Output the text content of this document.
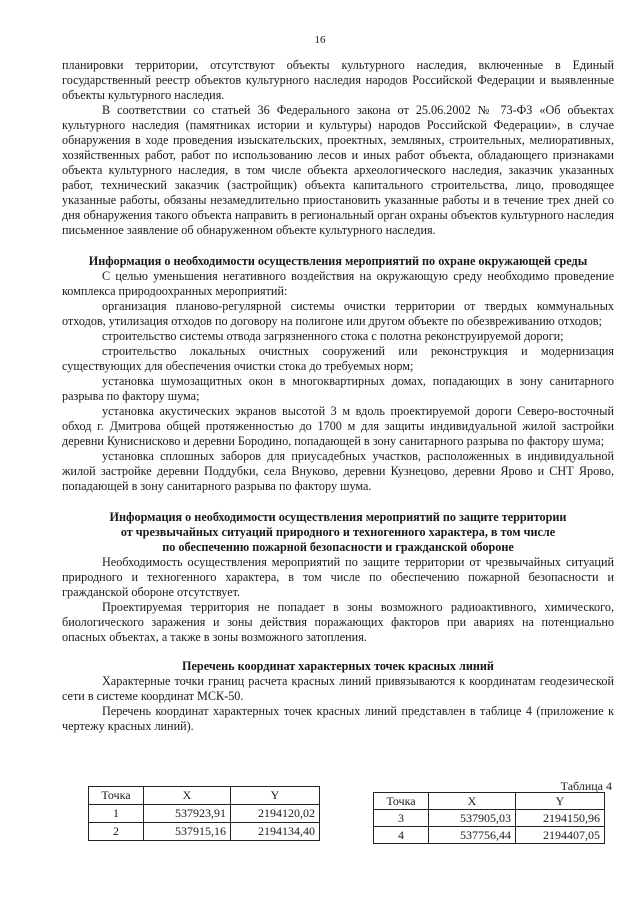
16

планировки территории, отсутствуют объекты культурного наследия, включенные в Единый государственный реестр объектов культурного наследия народов Российской Федерации и выявленные объекты культурного наследия.

В соответствии со статьей 36 Федерального закона от 25.06.2002 № 73-ФЗ «Об объектах культурного наследия (памятниках истории и культуры) народов Российской Федерации», в случае обнаружения в ходе проведения изыскательских, проектных, земляных, строительных, мелиоративных, хозяйственных работ, работ по использованию лесов и иных работ объекта, обладающего признаками объекта культурного наследия, в том числе объекта археологического наследия, заказчик указанных работ, технический заказчик (застройщик) объекта капитального строительства, лицо, проводящее указанные работы, обязаны незамедлительно приостановить указанные работы и в течение трех дней со дня обнаружения такого объекта направить в региональный орган охраны объектов культурного наследия письменное заявление об обнаруженном объекте культурного наследия.

Информация о необходимости осуществления мероприятий по охране окружающей среды

С целью уменьшения негативного воздействия на окружающую среду необходимо проведение комплекса природоохранных мероприятий:

организация планово-регулярной системы очистки территории от твердых коммунальных отходов, утилизация отходов по договору на полигоне или другом объекте по обезвреживанию отходов;

строительство системы отвода загрязненного стока с полотна реконструируемой дороги;

строительство локальных очистных сооружений или реконструкция и модернизация существующих для обеспечения очистки стока до требуемых норм;

установка шумозащитных окон в многоквартирных домах, попадающих в зону санитарного разрыва по фактору шума;

установка акустических экранов высотой 3 м вдоль проектируемой дороги Северо-восточный обход г. Дмитрова общей протяженностью до 1700 м для защиты индивидуальной жилой застройки деревни Куниснисково и деревни Бородино, попадающей в зону санитарного разрыва по фактору шума;

установка сплошных заборов для приусадебных участков, расположенных в индивидуальной жилой застройке деревни Поддубки, села Внуково, деревни Кузнецово, деревни Ярово и СНТ Ярово, попадающей в зону санитарного разрыва по фактору шума.

Информация о необходимости осуществления мероприятий по защите территории
от чрезвычайных ситуаций природного и техногенного характера, в том числе
по обеспечению пожарной безопасности и гражданской обороне

Необходимость осуществления мероприятий по защите территории от чрезвычайных ситуаций природного и техногенного характера, в том числе по обеспечению пожарной безопасности и гражданской обороне отсутствует.

Проектируемая территория не попадает в зоны возможного радиоактивного, химического, биологического заражения и зоны действия поражающих факторов при авариях на потенциально опасных объектах, а также в зоны возможного затопления.

Перечень координат характерных точек красных линий

Характерные точки границ расчета красных линий привязываются к координатам геодезической сети в системе координат МСК-50.

Перечень координат характерных точек красных линий представлен в таблице 4 (приложение к чертежу красных линий).

Таблица 4
Точка	X	Y
1	537923,91	2194120,02
2	537915,16	2194134,40
Точка	X	Y
3	537905,03	2194150,96
4	537756,44	2194407,05
